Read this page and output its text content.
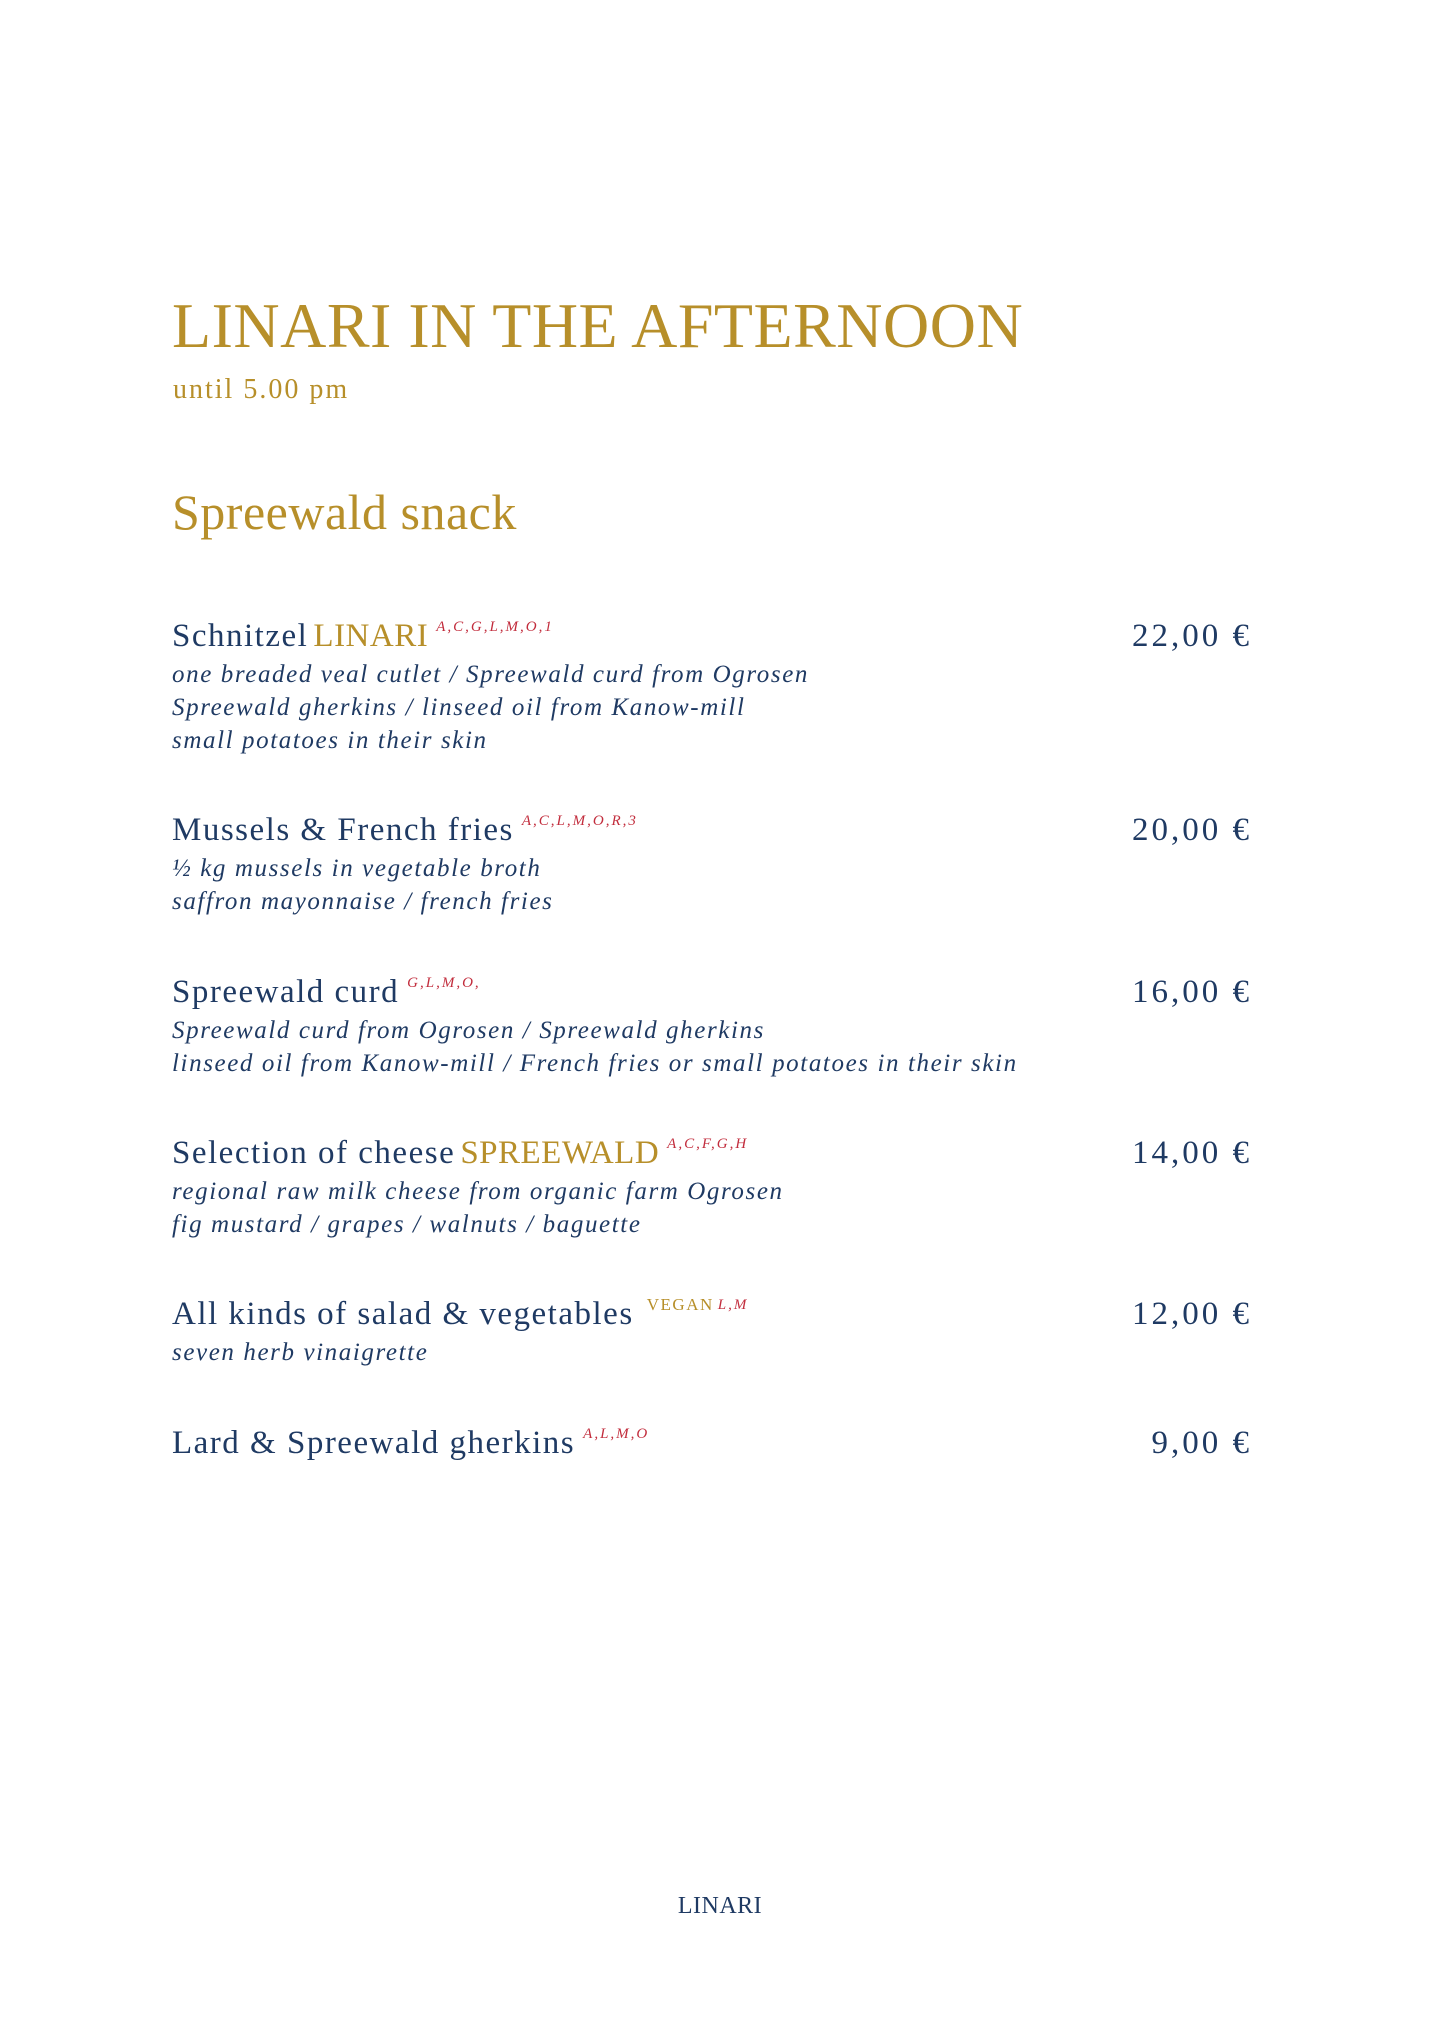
LINARI IN THE AFTERNOON
until 5.00 pm
Spreewald snack
Schnitzel LINARI A,C,G,L,M,O,1	22,00 €
one breaded veal cutlet / Spreewald curd from Ogrosen
Spreewald gherkins / linseed oil from Kanow-mill
small potatoes in their skin
Mussels & French fries A,C,L,M,O,R,3	20,00 €
½ kg mussels in vegetable broth
saffron mayonnaise / french fries
Spreewald curd G,L,M,O,	16,00 €
Spreewald curd from Ogrosen / Spreewald gherkins
linseed oil from Kanow-mill / French fries or small potatoes in their skin
Selection of cheese SPREEWALD A,C,F,G,H	14,00 €
regional raw milk cheese from organic farm Ogrosen
fig mustard / grapes / walnuts / baguette
All kinds of salad & vegetables VEGAN L,M	12,00 €
seven herb vinaigrette
Lard & Spreewald gherkins A,L,M,O	9,00 €
LINARI
